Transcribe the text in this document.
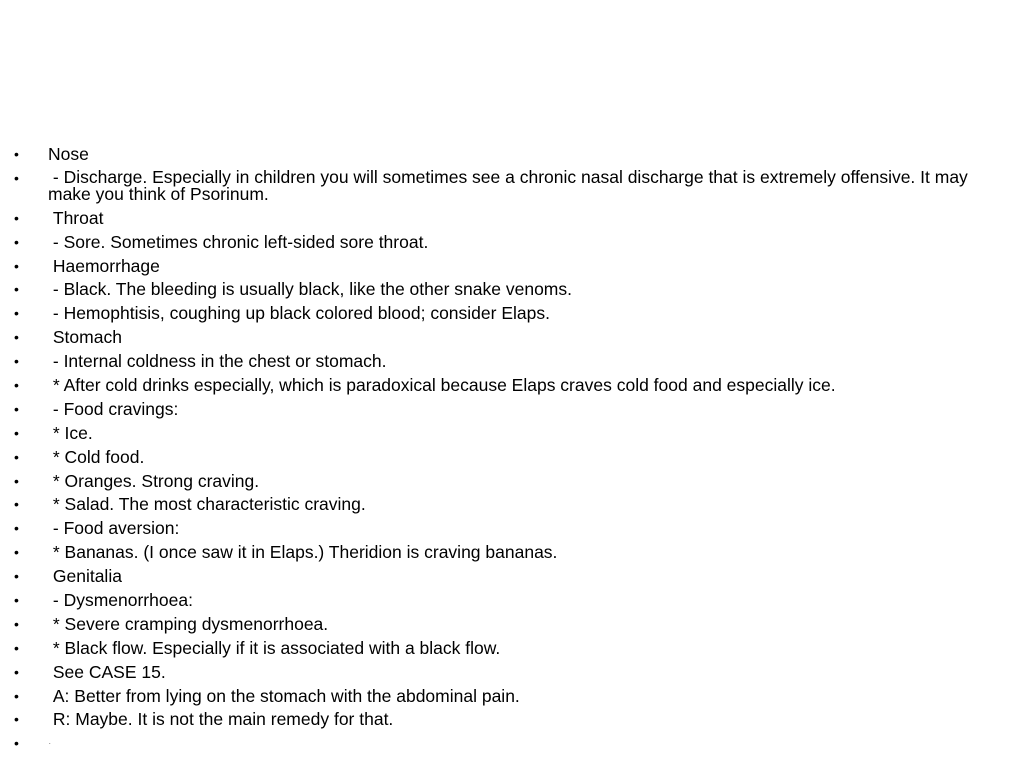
• Nose
• - Discharge. Especially in children you will sometimes see a chronic nasal discharge that is extremely offensive. It may make you think of Psorinum.
• Throat
• - Sore. Sometimes chronic left-sided sore throat.
• Haemorrhage
• - Black. The bleeding is usually black, like the other snake venoms.
• - Hemophtisis, coughing up black colored blood; consider Elaps.
• Stomach
• - Internal coldness in the chest or stomach.
• * After cold drinks especially, which is paradoxical because Elaps craves cold food and especially ice.
• - Food cravings:
• * Ice.
• * Cold food.
• * Oranges. Strong craving.
• * Salad. The most characteristic craving.
• - Food aversion:
• * Bananas. (I once saw it in Elaps.) Theridion is craving bananas.
• Genitalia
• - Dysmenorrhoea:
• * Severe cramping dysmenorrhoea.
• * Black flow. Especially if it is associated with a black flow.
• See CASE 15.
• A: Better from lying on the stomach with the abdominal pain.
• R: Maybe. It is not the main remedy for that.
•	.
